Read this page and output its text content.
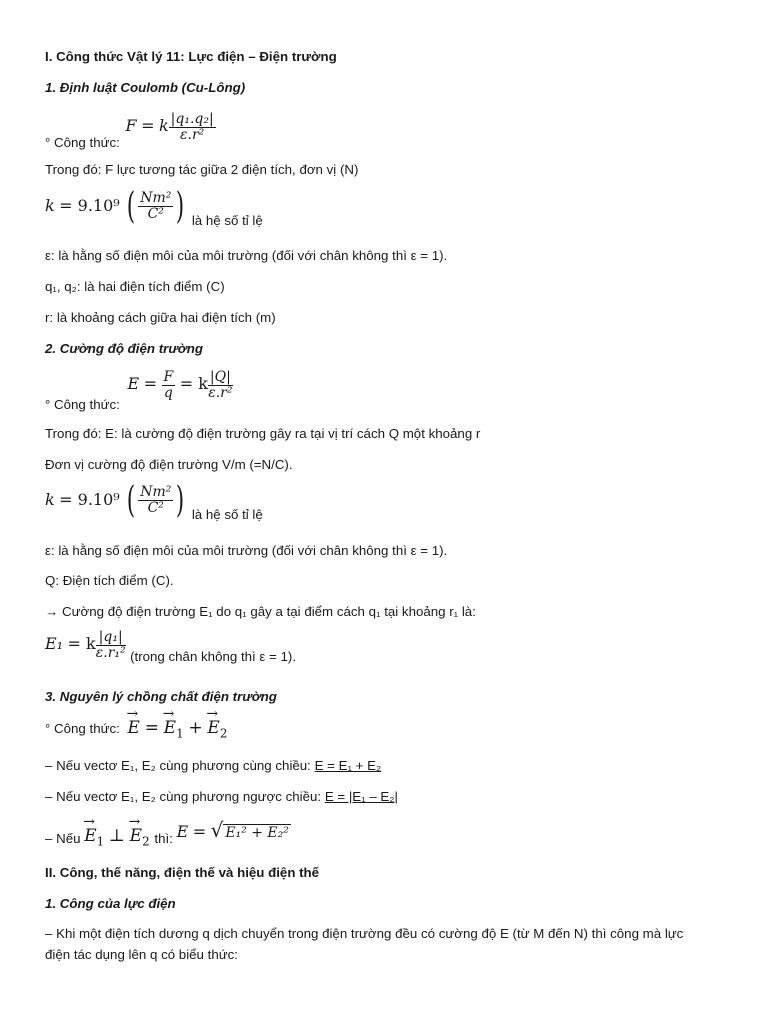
I. Công thức Vật lý 11: Lực điện – Điện trường
1. Định luật Coulomb (Cu-Lông)
° Công thức: F = k $\frac{\text{|q₁.q₂|}}{\text{ε.r²}}$
Trong đó: F lực tương tác giữa 2 điện tích, đơn vị (N)
k = 9.10⁹ ( $\frac{\text{Nm²}}{\text{C²}}$ ) là hệ số tỉ lệ
ε: là hằng số điện môi của môi trường (đối với chân không thì ε = 1).
q₁, q₂: là hai điện tích điểm (C)
r: là khoảng cách giữa hai điện tích (m)
2. Cường độ điện trường
° Công thức: $E = \frac{F}{q} = k \frac{|Q|}{\text{ε.r²}}$
Trong đó: E: là cường độ điện trường gây ra tại vị trí cách Q một khoảng r
Đơn vị cường độ điện trường V/m (=N/C).
k = 9.10⁹ ( $\frac{\text{Nm²}}{\text{C²}}$ ) là hệ số tỉ lệ
ε: là hằng số điện môi của môi trường (đối với chân không thì ε = 1).
Q: Điện tích điểm (C).
→ Cường độ điện trường E₁ do q₁ gây a tại điểm cách q₁ tại khoảng r₁ là:
E₁ = k $\frac{\text{|q₁|}}{\text{ε.r₁²}}$ (trong chân không thì ε = 1).
3. Nguyên lý chồng chất điện trường
° Công thức: → E = → $E_1$ + → $E_2$
– Nếu vectơ E₁, E₂ cùng phương cùng chiều: E = E₁ + E₂
– Nếu vectơ E₁, E₂ cùng phương ngược chiều: E = |E₁ – E₂|
– Nếu → $E_1$ ⊥ → $E_2$ thì: E = √ E₁² + E₂²
II. Công, thế năng, điện thế và hiệu điện thế
1. Công của lực điện
– Khi một điện tích dương q dịch chuyển trong điện trường đều có cường độ E (từ M đến N) thì công mà lực
điện tác dụng lên q có biểu thức:
